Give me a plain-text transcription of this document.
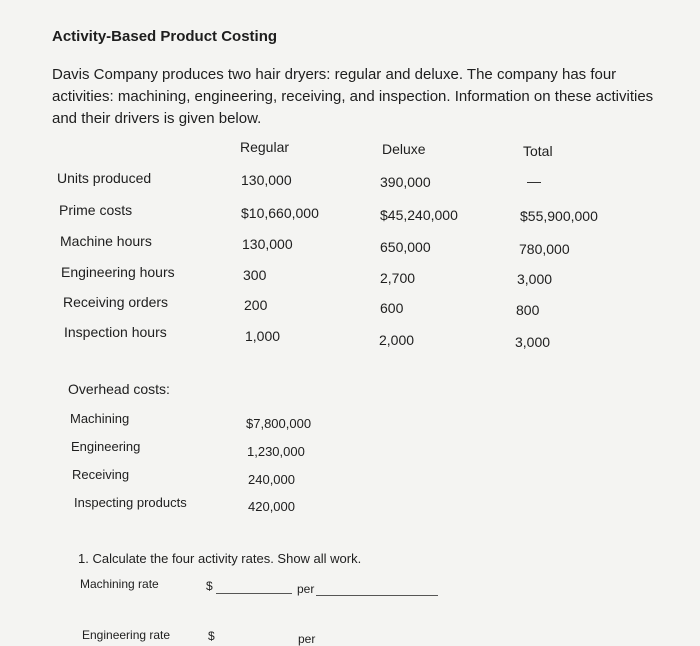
Activity-Based Product Costing
Davis Company produces two hair dryers: regular and deluxe. The company has four activities: machining, engineering, receiving, and inspection. Information on these activities and their drivers is given below.
Regular	Deluxe	Total
Units produced	130,000	390,000	—
Prime costs	$10,660,000	$45,240,000	$55,900,000
Machine hours	130,000	650,000	780,000
Engineering hours	300	2,700	3,000
Receiving orders	200	600	800
Inspection hours	1,000	2,000	3,000
Overhead costs:
Machining	$7,800,000
Engineering	1,230,000
Receiving	240,000
Inspecting products	420,000
1. Calculate the four activity rates. Show all work.
Machining rate	$	per
Engineering rate	$	per
